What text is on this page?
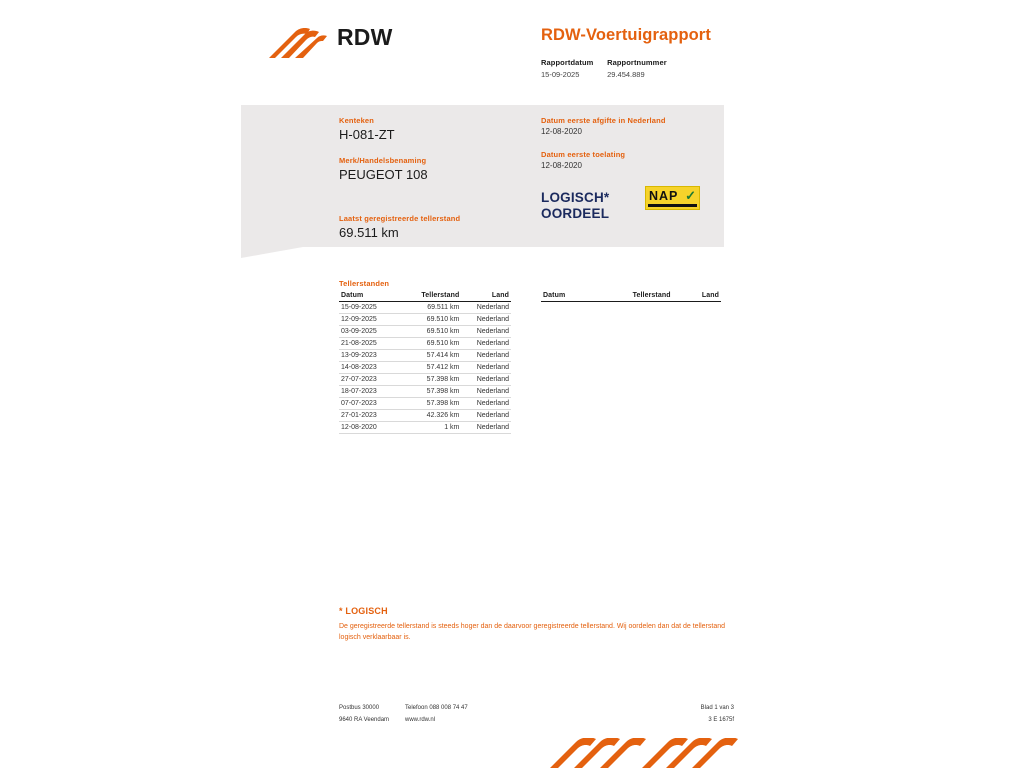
RDW	RDW-Voertuigrapport
Rapportdatum
15-09-2025

Rapportnummer
29.454.889

Kenteken

H-081-ZT

Merk/Handelsbenaming

PEUGEOT 108

Laatst geregistreerde tellerstand

69.511 km

Datum eerste afgifte in Nederland

12-08-2020

Datum eerste toelating

12-08-2020

LOGISCH*
OORDEEL
NAP ✓
Tellerstanden
Datum	Tellerstand	Land
15-09-2025	69.511 km	Nederland
12-09-2025	69.510 km	Nederland
03-09-2025	69.510 km	Nederland
21-08-2025	69.510 km	Nederland
13-09-2023	57.414 km	Nederland
14-08-2023	57.412 km	Nederland
27-07-2023	57.398 km	Nederland
18-07-2023	57.398 km	Nederland
07-07-2023	57.398 km	Nederland
27-01-2023	42.326 km	Nederland
12-08-2020	1 km	Nederland
Datum	Tellerstand	Land
* LOGISCH
De geregistreerde tellerstand is steeds hoger dan de daarvoor geregistreerde tellerstand. Wij oordelen dan dat de tellerstand logisch verklaarbaar is.
Postbus 30000
9640 RA Veendam
Telefoon 088 008 74 47
www.rdw.nl
Blad 1 van 3
3 E 1675f
